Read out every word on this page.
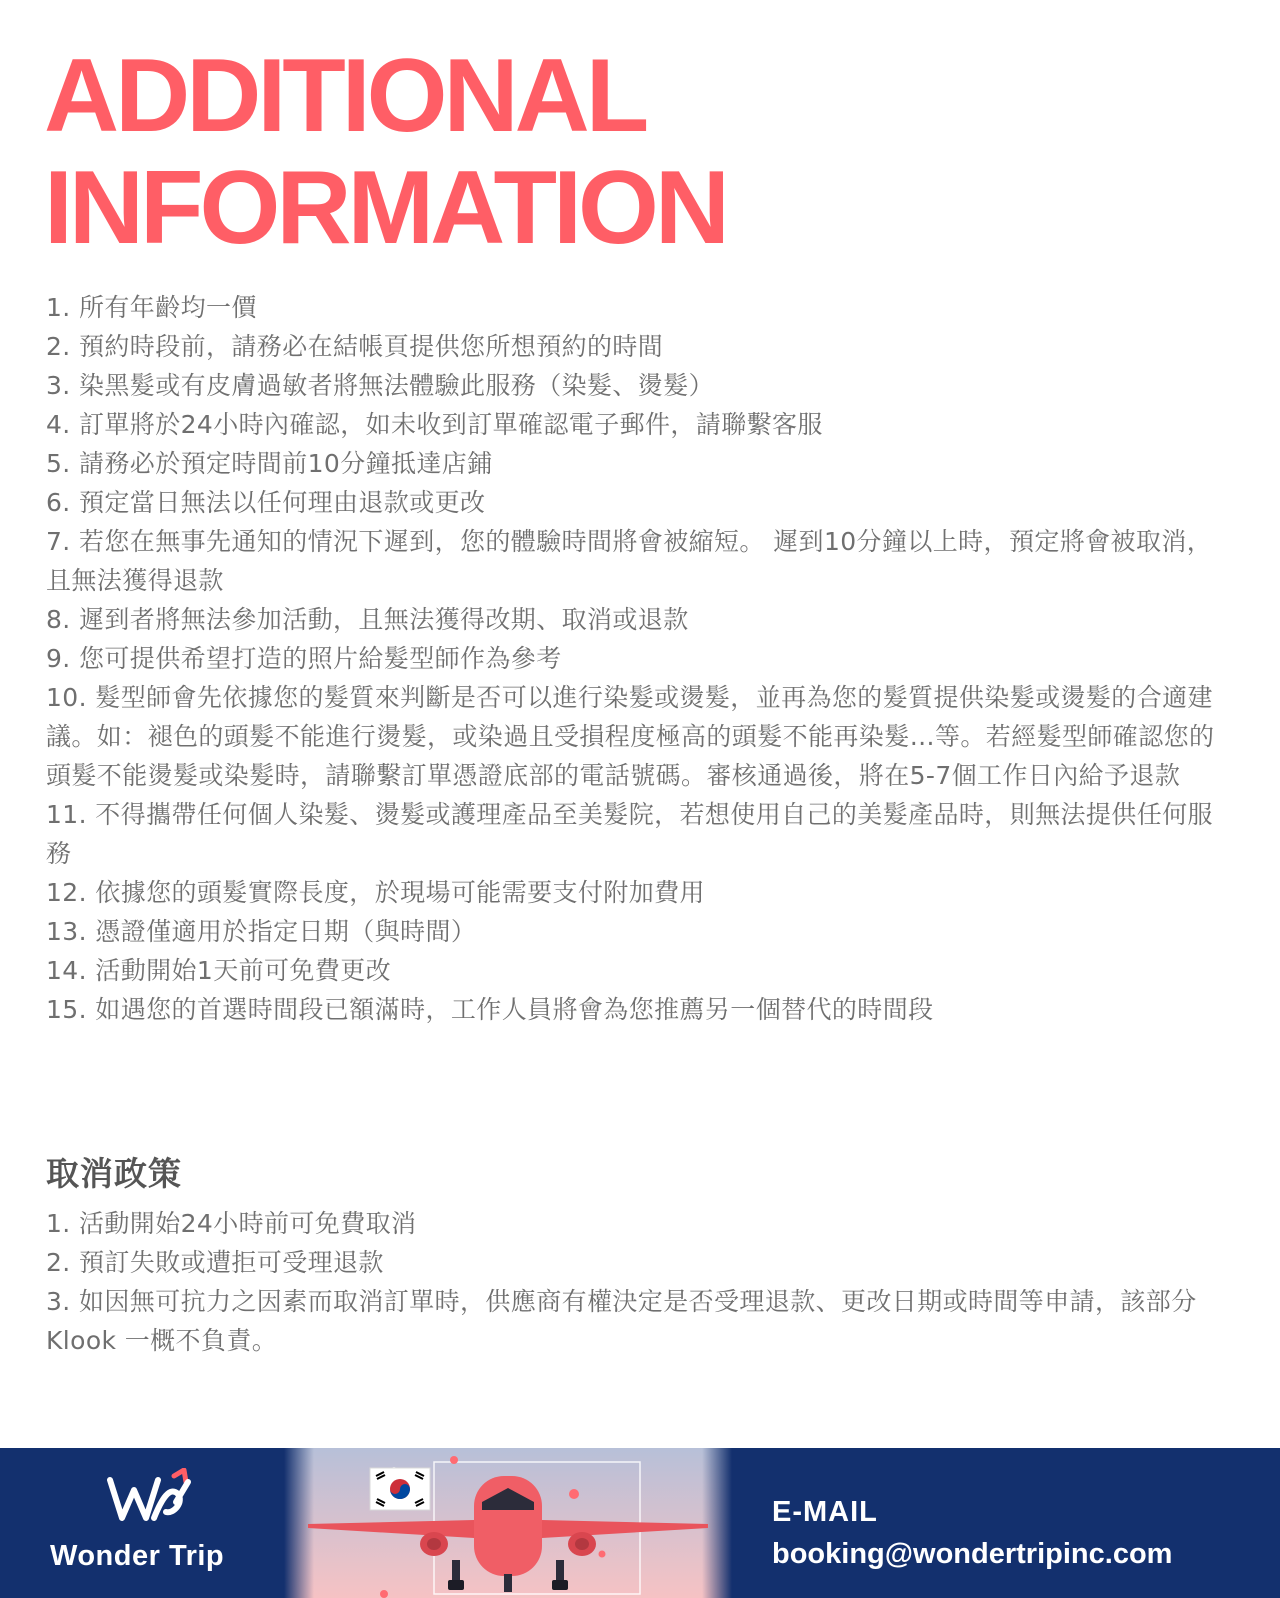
ADDITIONAL
INFORMATION
1. 所有年齡均一價
2. 預約時段前，請務必在結帳頁提供您所想預約的時間
3. 染黑髮或有皮膚過敏者將無法體驗此服務（染髮、燙髮）
4. 訂單將於24小時內確認，如未收到訂單確認電子郵件，請聯繫客服
5. 請務必於預定時間前10分鐘抵達店鋪
6. 預定當日無法以任何理由退款或更改
7. 若您在無事先通知的情況下遲到，您的體驗時間將會被縮短。 遲到10分鐘以上時，預定將會被取消，且無法獲得退款
8. 遲到者將無法參加活動，且無法獲得改期、取消或退款
9. 您可提供希望打造的照片給髮型師作為參考
10. 髮型師會先依據您的髮質來判斷是否可以進行染髮或燙髮，並再為您的髮質提供染髮或燙髮的合適建議。如：褪色的頭髮不能進行燙髮，或染過且受損程度極高的頭髮不能再染髮…等。若經髮型師確認您的頭髮不能燙髮或染髮時，請聯繫訂單憑證底部的電話號碼。審核通過後，將在5-7個工作日內給予退款
11. 不得攜帶任何個人染髮、燙髮或護理產品至美髮院，若想使用自己的美髮產品時，則無法提供任何服務
12. 依據您的頭髮實際長度，於現場可能需要支付附加費用
13. 憑證僅適用於指定日期（與時間）
14. 活動開始1天前可免費更改
15. 如遇您的首選時間段已額滿時，工作人員將會為您推薦另一個替代的時間段
取消政策
1. 活動開始24小時前可免費取消
2. 預訂失敗或遭拒可受理退款
3. 如因無可抗力之因素而取消訂單時，供應商有權決定是否受理退款、更改日期或時間等申請，該部分Klook 一概不負責。
Wonder Trip
E-MAIL
booking@wondertripinc.com
